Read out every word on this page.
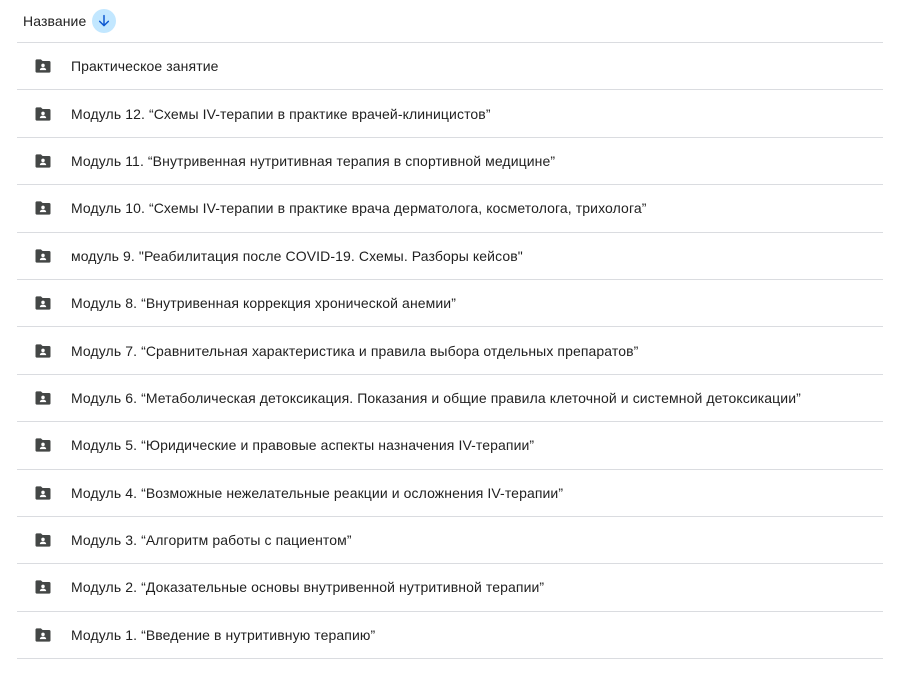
Название
Практическое занятие
Модуль 12. “Схемы IV-терапии в практике врачей-клиницистов”
Модуль 11. “Внутривенная нутритивная терапия в спортивной медицине”
Модуль 10. “Схемы IV-терапии в практике врача дерматолога, косметолога, трихолога”
модуль 9. "Реабилитация после COVID-19. Схемы. Разборы кейсов"
Модуль 8. “Внутривенная коррекция хронической анемии”
Модуль 7. “Сравнительная характеристика и правила выбора отдельных препаратов”
Модуль 6. “Метаболическая детоксикация. Показания и общие правила клеточной и системной детоксикации”
Модуль 5. “Юридические и правовые аспекты назначения IV-терапии”
Модуль 4. “Возможные нежелательные реакции и осложнения IV-терапии”
Модуль 3. “Алгоритм работы с пациентом”
Модуль 2. “Доказательные основы внутривенной нутритивной терапии”
Модуль 1. “Введение в нутритивную терапию”
